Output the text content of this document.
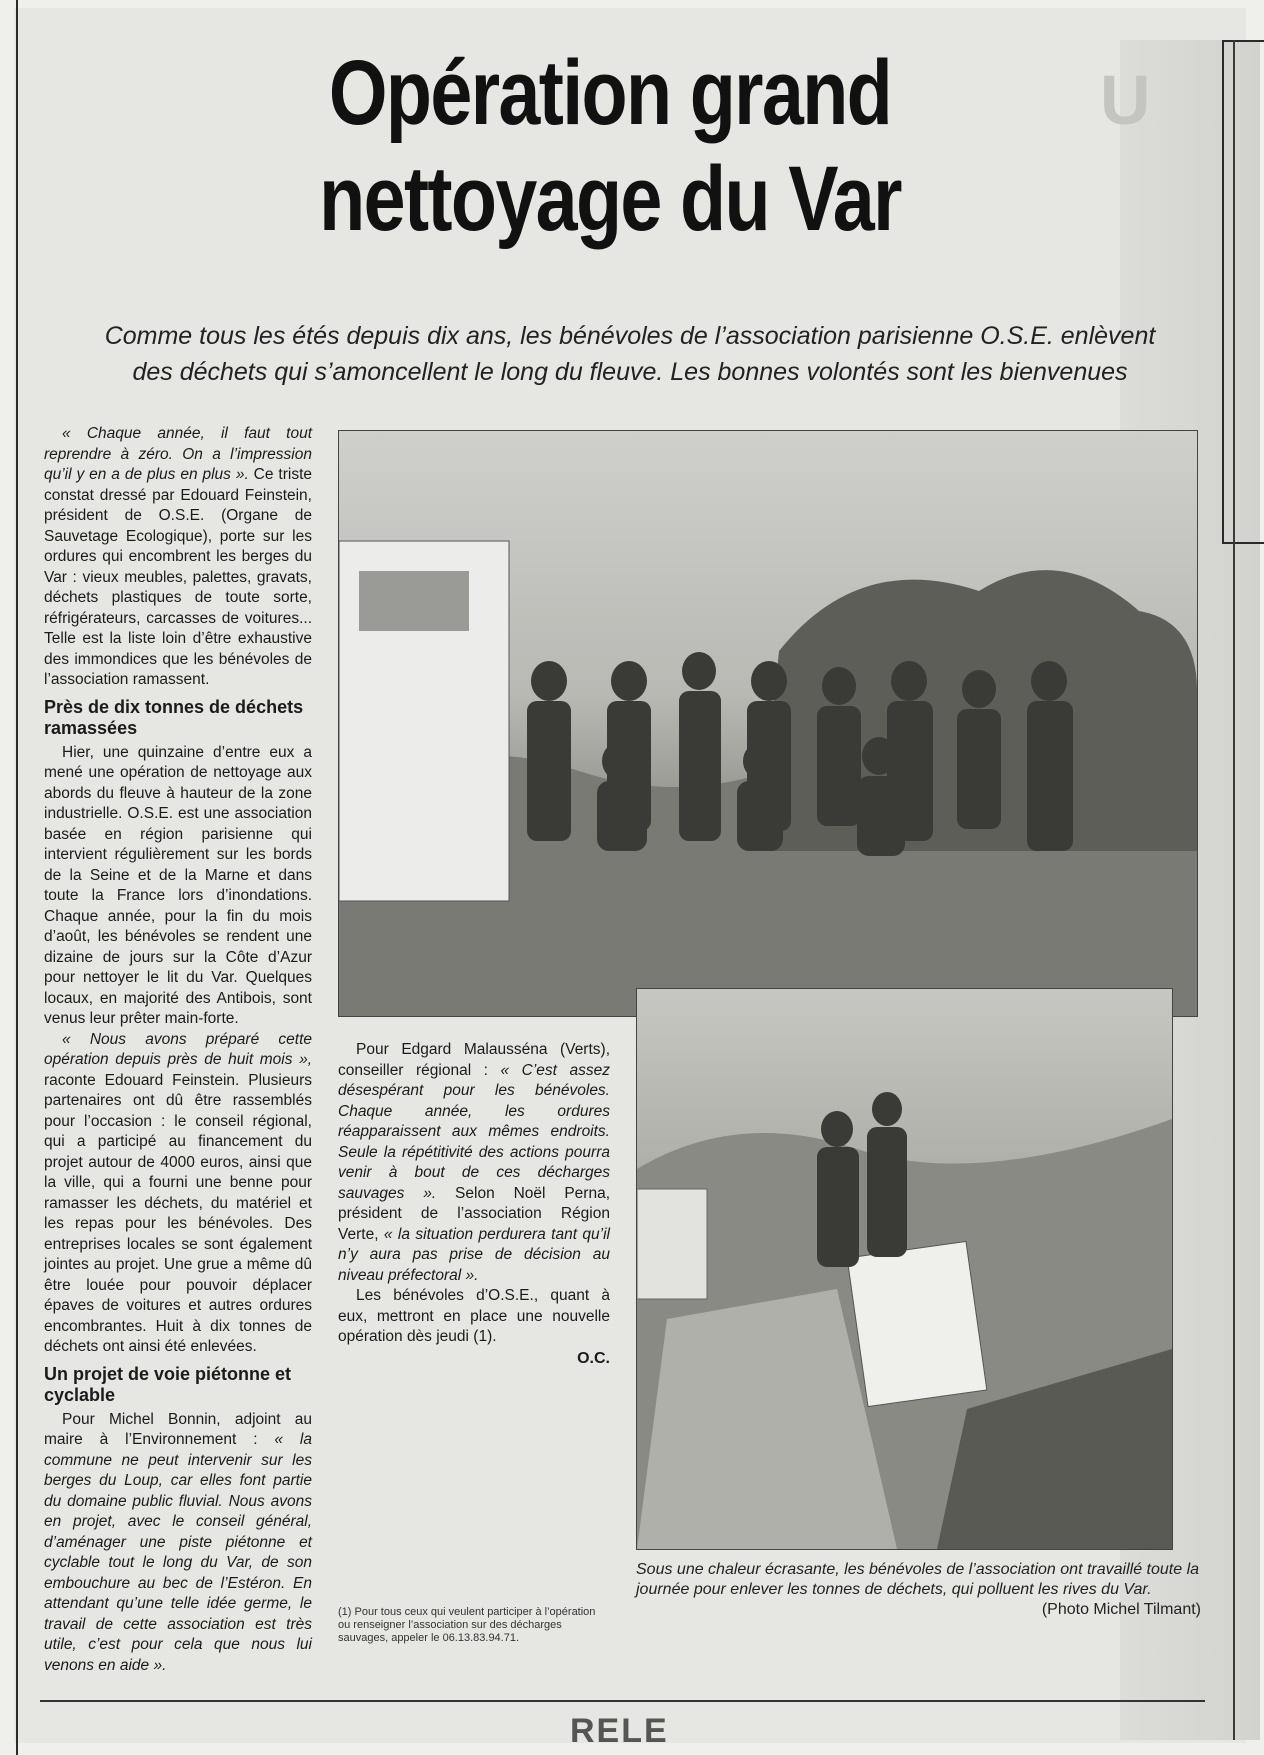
U
Opération grand
nettoyage du Var

Comme tous les étés depuis dix ans, les bénévoles de l’association parisienne O.S.E. enlèvent
des déchets qui s’amoncellent le long du fleuve. Les bonnes volontés sont les bienvenues

« Chaque année, il faut tout reprendre à zéro. On a l’impression qu’il y en a de plus en plus ». Ce triste constat dressé par Edouard Feinstein, président de O.S.E. (Organe de Sauvetage Ecologique), porte sur les ordures qui encombrent les berges du Var : vieux meubles, palettes, gravats, déchets plastiques de toute sorte, réfrigérateurs, carcasses de voitures... Telle est la liste loin d’être exhaustive des immondices que les bénévoles de l’association ramassent.

Près de dix tonnes de déchets ramassées

Hier, une quinzaine d’entre eux a mené une opération de nettoyage aux abords du fleuve à hauteur de la zone industrielle. O.S.E. est une association basée en région parisienne qui intervient régulièrement sur les bords de la Seine et de la Marne et dans toute la France lors d’inondations. Chaque année, pour la fin du mois d’août, les bénévoles se rendent une dizaine de jours sur la Côte d’Azur pour nettoyer le lit du Var. Quelques locaux, en majorité des Antibois, sont venus leur prêter main-forte.

« Nous avons préparé cette opération depuis près de huit mois », raconte Edouard Feinstein. Plusieurs partenaires ont dû être rassemblés pour l’occasion : le conseil régional, qui a participé au financement du projet autour de 4000 euros, ainsi que la ville, qui a fourni une benne pour ramasser les déchets, du matériel et les repas pour les bénévoles. Des entreprises locales se sont également jointes au projet. Une grue a même dû être louée pour pouvoir déplacer épaves de voitures et autres ordures encombrantes. Huit à dix tonnes de déchets ont ainsi été enlevées.

Un projet de voie piétonne et cyclable

Pour Michel Bonnin, adjoint au maire à l’Environnement : « la commune ne peut intervenir sur les berges du Loup, car elles font partie du domaine public fluvial. Nous avons en projet, avec le conseil général, d’aménager une piste piétonne et cyclable tout le long du Var, de son embouchure au bec de l’Estéron. En attendant qu’une telle idée germe, le travail de cette association est très utile, c’est pour cela que nous lui venons en aide ».

Pour Edgard Malausséna (Verts), conseiller régional : « C’est assez désespérant pour les bénévoles. Chaque année, les ordures réapparaissent aux mêmes endroits. Seule la répétitivité des actions pourra venir à bout de ces décharges sauvages ». Selon Noël Perna, président de l’association Région Verte, « la situation perdurera tant qu’il n’y aura pas prise de décision au niveau préfectoral ».

Les bénévoles d’O.S.E., quant à eux, mettront en place une nouvelle opération dès jeudi (1).

O.C.

(1) Pour tous ceux qui veulent participer à l’opération ou renseigner l’association sur des décharges sauvages, appeler le 06.13.83.94.71.

Sous une chaleur écrasante, les bénévoles de l’association ont travaillé toute la journée pour enlever les tonnes de déchets, qui polluent les rives du Var.
(Photo Michel Tilmant)

RELE
